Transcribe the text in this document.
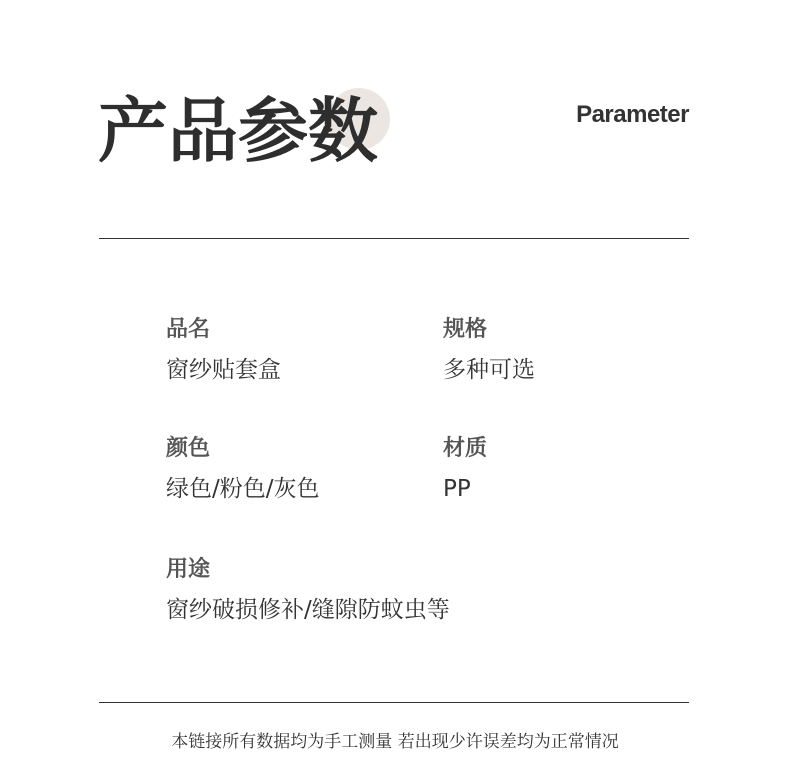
产品参数	Parameter
品名
窗纱贴套盒
规格
多种可选
颜色
绿色/粉色/灰色
材质
PP
用途
窗纱破损修补/缝隙防蚊虫等
本链接所有数据均为手工测量 若出现少许误差均为正常情况
